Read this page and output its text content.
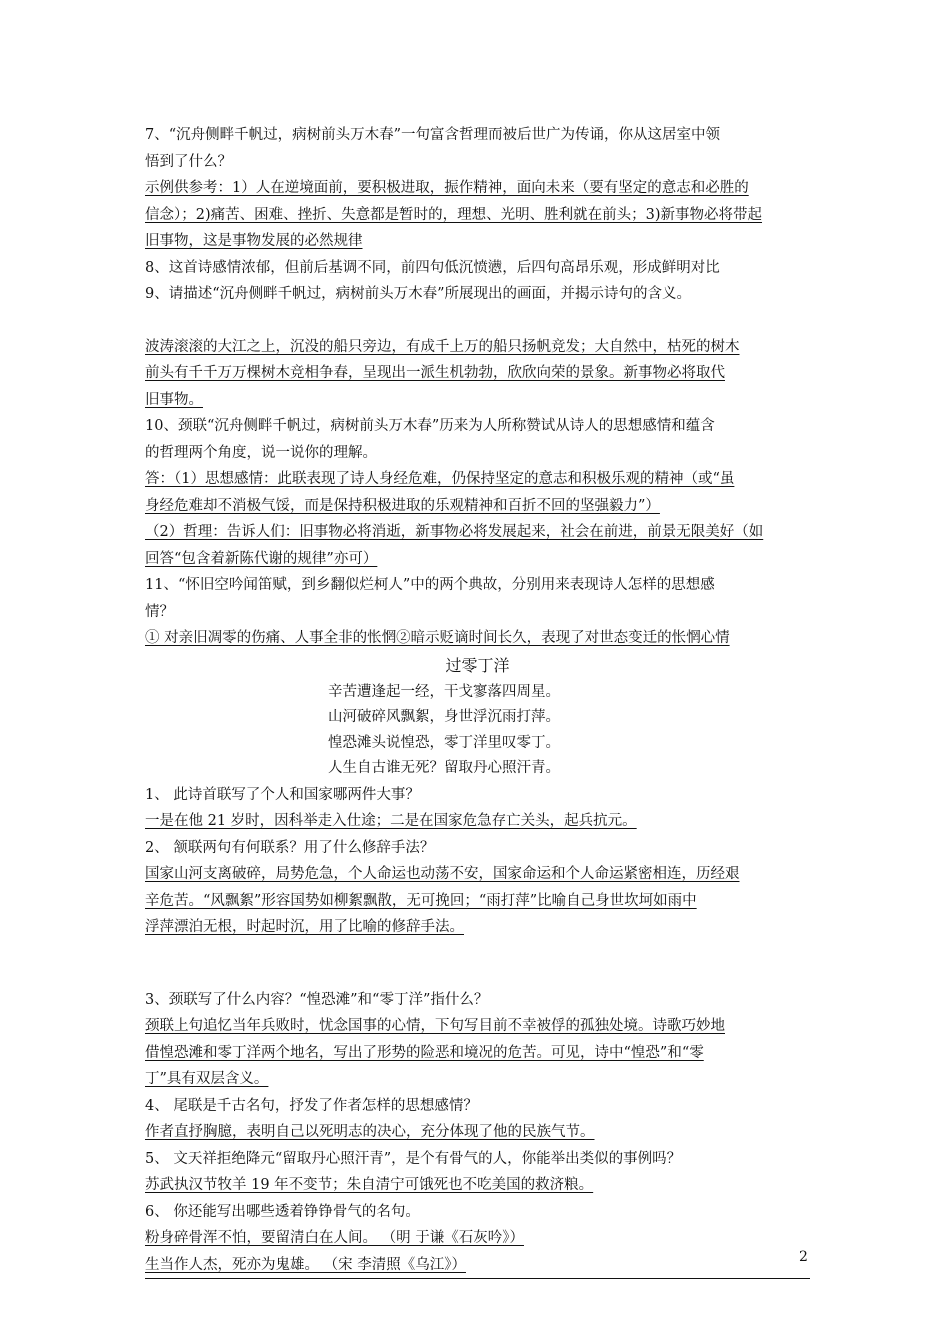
7、“沉舟侧畔千帆过，病树前头万木春”一句富含哲理而被后世广为传诵，你从这居室中领
悟到了什么？
示例供参考：1）人在逆境面前，要积极进取，振作精神，面向未来（要有坚定的意志和必胜的
信念）；2)痛苦、困难、挫折、失意都是暂时的，理想、光明、胜利就在前头；3)新事物必将带起
旧事物，这是事物发展的必然规律
8、这首诗感情浓郁，但前后基调不同，前四句低沉愤懑，后四句高昂乐观，形成鲜明对比
9、请描述“沉舟侧畔千帆过，病树前头万木春”所展现出的画面，并揭示诗句的含义。
波涛滚滚的大江之上，沉没的船只旁边，有成千上万的船只扬帆竞发；大自然中，枯死的树木
前头有千千万万棵树木竞相争春，呈现出一派生机勃勃，欣欣向荣的景象。新事物必将取代
旧事物。
10、颈联“沉舟侧畔千帆过，病树前头万木春”历来为人所称赞试从诗人的思想感情和蕴含
的哲理两个角度，说一说你的理解。
答：（1）思想感情：此联表现了诗人身经危难，仍保持坚定的意志和积极乐观的精神（或“虽
身经危难却不消极气馁，而是保持积极进取的乐观精神和百折不回的坚强毅力”）
（2）哲理：告诉人们：旧事物必将消逝，新事物必将发展起来，社会在前进，前景无限美好（如
回答“包含着新陈代谢的规律”亦可）
11、“怀旧空吟闻笛赋，到乡翻似烂柯人”中的两个典故，分别用来表现诗人怎样的思想感
情？
① 对亲旧凋零的伤痛、人事全非的怅惘②暗示贬谪时间长久，表现了对世态变迁的怅惘心情
过零丁洋
辛苦遭逢起一经，干戈寥落四周星。
山河破碎风飘絮，身世浮沉雨打萍。
惶恐滩头说惶恐，零丁洋里叹零丁。
人生自古谁无死？留取丹心照汗青。
1、 此诗首联写了个人和国家哪两件大事？
一是在他 21 岁时，因科举走入仕途；二是在国家危急存亡关头，起兵抗元。
2、 颔联两句有何联系？用了什么修辞手法？
国家山河支离破碎，局势危急，个人命运也动荡不安，国家命运和个人命运紧密相连，历经艰
辛危苦。“风飘絮”形容国势如柳絮飘散，无可挽回；“雨打萍”比喻自己身世坎坷如雨中
浮萍漂泊无根，时起时沉，用了比喻的修辞手法。
3、颈联写了什么内容？“惶恐滩”和“零丁洋”指什么？
颈联上句追忆当年兵败时，忧念国事的心情，下句写目前不幸被俘的孤独处境。诗歌巧妙地
借惶恐滩和零丁洋两个地名，写出了形势的险恶和境况的危苦。可见，诗中“惶恐”和“零
丁”具有双层含义。
4、 尾联是千古名句，抒发了作者怎样的思想感情？
作者直抒胸臆，表明自己以死明志的决心，充分体现了他的民族气节。
5、 文天祥拒绝降元“留取丹心照汗青”，是个有骨气的人，你能举出类似的事例吗？
苏武执汉节牧羊 19 年不变节；朱自清宁可饿死也不吃美国的救济粮。
6、 你还能写出哪些透着铮铮骨气的名句。
粉身碎骨浑不怕，要留清白在人间。 （明 于谦《石灰吟》）
生当作人杰，死亦为鬼雄。 （宋 李清照《乌江》）	2
